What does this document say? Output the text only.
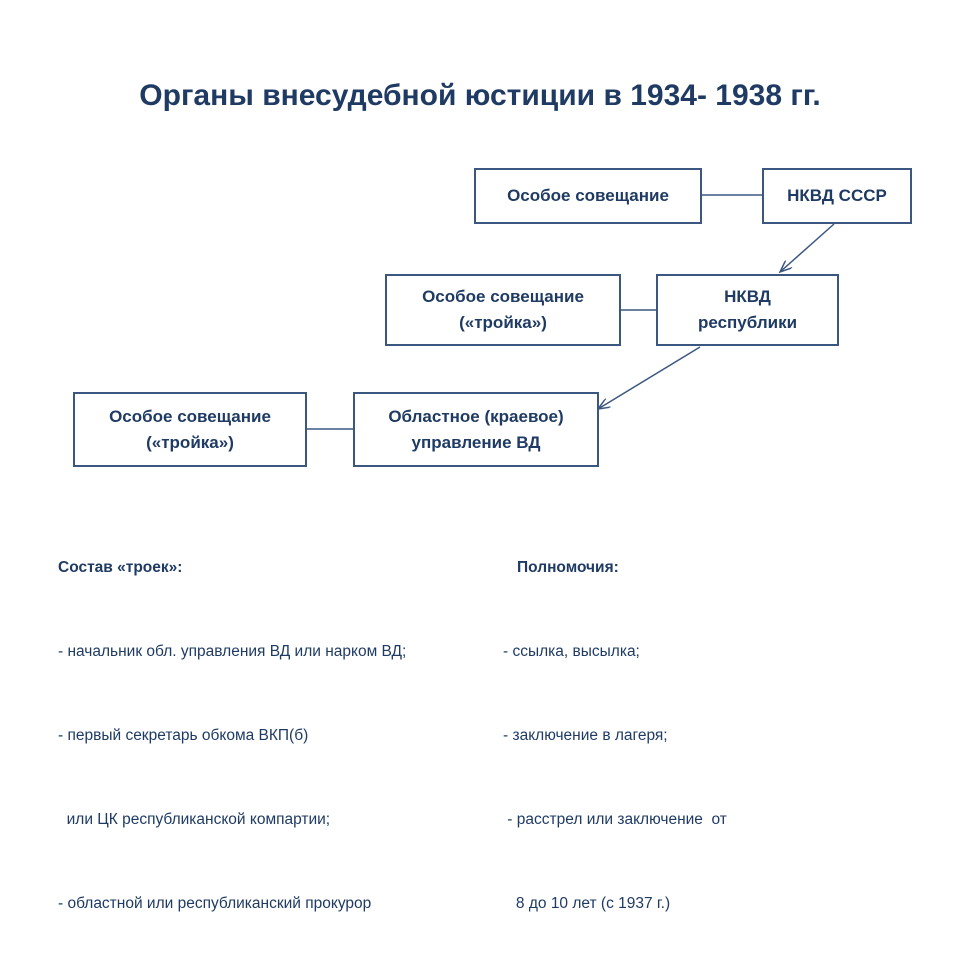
Органы внесудебной юстиции в 1934- 1938 гг.
Особое совещание	НКВД СССР
Особое совещание
(«тройка»)
НКВД
республики
Особое совещание
(«тройка»)
Областное (краевое)
управление ВД

Состав «троек»:

- начальник обл. управления ВД или нарком ВД;

- первый секретарь обкома ВКП(б)

или ЦК республиканской компартии;

- областной или республиканский прокурор

Полномочия:

- ссылка, высылка;

- заключение в лагеря;

- расстрел или заключение  от

8 до 10 лет (с 1937 г.)
